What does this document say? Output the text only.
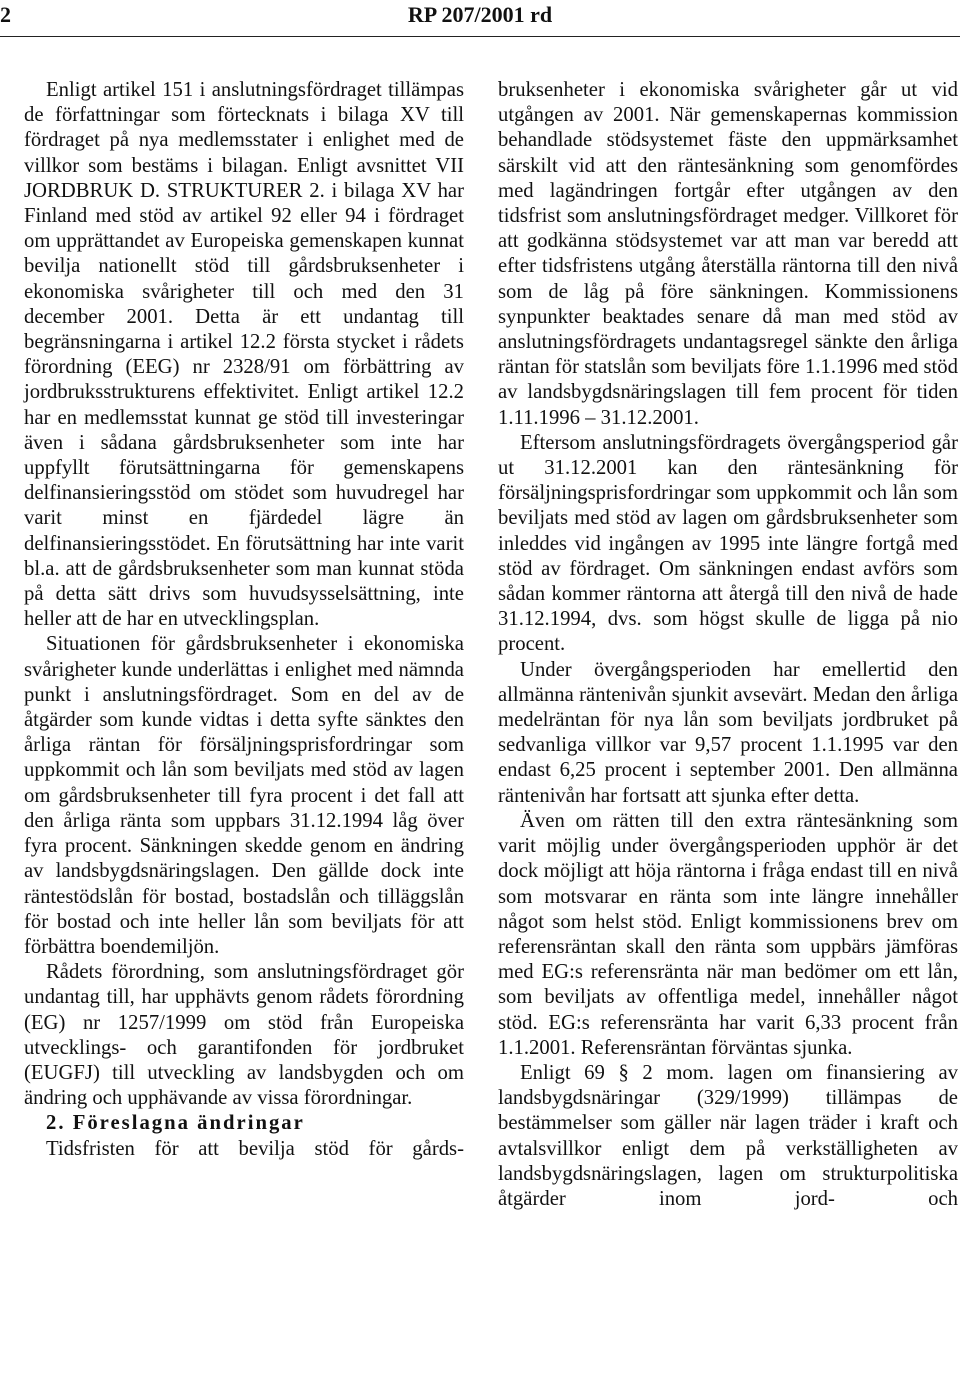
2	RP 207/2001 rd

Enligt artikel 151 i anslutningsfördraget tillämpas de författningar som förtecknats i bilaga XV till fördraget på nya medlemsstater i enlighet med de villkor som bestäms i bilagan. Enligt avsnittet VII JORDBRUK D. STRUKTURER 2. i bilaga XV har Finland med stöd av artikel 92 eller 94 i fördraget om upprättandet av Europeiska gemenskapen kunnat bevilja nationellt stöd till gårdsbruksenheter i ekonomiska svårigheter till och med den 31 december 2001. Detta är ett undantag till begränsningarna i artikel 12.2 första stycket i rådets förordning (EEG) nr 2328/91 om förbättring av jordbruksstrukturens effektivitet. Enligt artikel 12.2 har en medlemsstat kunnat ge stöd till investeringar även i sådana gårdsbruksenheter som inte har uppfyllt förutsättningarna för gemenskapens delfinansieringsstöd om stödet som huvudregel har varit minst en fjärdedel lägre än delfinansieringsstödet. En förutsättning har inte varit bl.a. att de gårdsbruksenheter som man kunnat stöda på detta sätt drivs som huvudsysselsättning, inte heller att de har en utvecklingsplan.

Situationen för gårdsbruksenheter i ekonomiska svårigheter kunde underlättas i enlighet med nämnda punkt i anslutningsfördraget. Som en del av de åtgärder som kunde vidtas i detta syfte sänktes den årliga räntan för försäljningsprisfordringar som uppkommit och lån som beviljats med stöd av lagen om gårdsbruksenheter till fyra procent i det fall att den årliga ränta som uppbars 31.12.1994 låg över fyra procent. Sänkningen skedde genom en ändring av landsbygdsnäringslagen. Den gällde dock inte räntestödslån för bostad, bostadslån och tilläggslån för bostad och inte heller lån som beviljats för att förbättra boendemiljön.

Rådets förordning, som anslutningsfördraget gör undantag till, har upphävts genom rådets förordning (EG) nr 1257/1999 om stöd från Europeiska utvecklings- och garantifonden för jordbruket (EUGFJ) till utveckling av landsbygden och om ändring och upphävande av vissa förordningar.

2. Föreslagna ändringar

Tidsfristen för att bevilja stöd för gårds-

bruksenheter i ekonomiska svårigheter går ut vid utgången av 2001. När gemenskapernas kommission behandlade stödsystemet fäste den uppmärksamhet särskilt vid att den räntesänkning som genomfördes med lagändringen fortgår efter utgången av den tidsfrist som anslutningsfördraget medger. Villkoret för att godkänna stödsystemet var att man var beredd att efter tidsfristens utgång återställa räntorna till den nivå som de låg på före sänkningen. Kommissionens synpunkter beaktades senare då man med stöd av anslutningsfördragets undantagsregel sänkte den årliga räntan för statslån som beviljats före 1.1.1996 med stöd av landsbygdsnäringslagen till fem procent för tiden 1.11.1996 – 31.12.2001.

Eftersom anslutningsfördragets övergångsperiod går ut 31.12.2001 kan den räntesänkning för försäljningsprisfordringar som uppkommit och lån som beviljats med stöd av lagen om gårdsbruksenheter som inleddes vid ingången av 1995 inte längre fortgå med stöd av fördraget. Om sänkningen endast avförs som sådan kommer räntorna att återgå till den nivå de hade 31.12.1994, dvs. som högst skulle de ligga på nio procent.

Under övergångsperioden har emellertid den allmänna räntenivån sjunkit avsevärt. Medan den årliga medelräntan för nya lån som beviljats jordbruket på sedvanliga villkor var 9,57 procent 1.1.1995 var den endast 6,25 procent i september 2001. Den allmänna räntenivån har fortsatt att sjunka efter detta.

Även om rätten till den extra räntesänkning som varit möjlig under övergångsperioden upphör är det dock möjligt att höja räntorna i fråga endast till en nivå som motsvarar en ränta som inte längre innehåller något som helst stöd. Enligt kommissionens brev om referensräntan skall den ränta som uppbärs jämföras med EG:s referensränta när man bedömer om ett lån, som beviljats av offentliga medel, innehåller något stöd. EG:s referensränta har varit 6,33 procent från 1.1.2001. Referensräntan förväntas sjunka.

Enligt 69 § 2 mom. lagen om finansiering av landsbygdsnäringar (329/1999) tillämpas de bestämmelser som gäller när lagen träder i kraft och avtalsvillkor enligt dem på verkställigheten av landsbygdsnäringslagen, lagen om strukturpolitiska åtgärder inom jord- och
